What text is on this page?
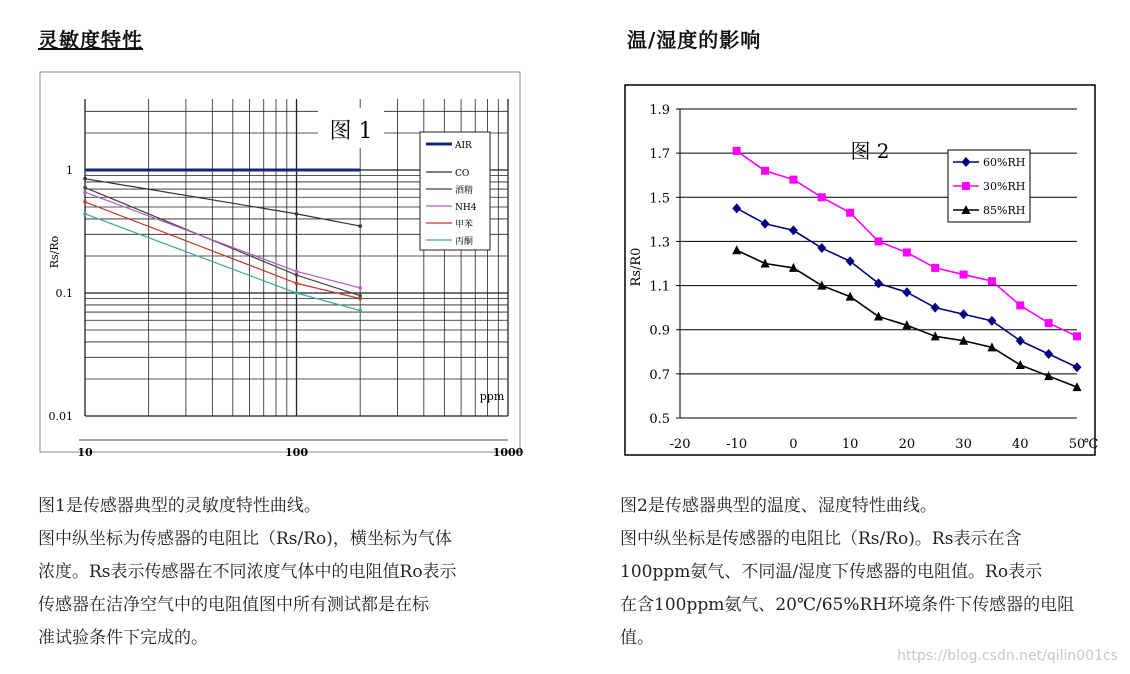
灵敏度特性	温/湿度的影响
1
0.1
0.01
10	100	1000
图 1
Rs/Ro
ppm
AIR
CO
酒精
NH4
甲苯
丙酮
0.5
0.7
0.9
1.1
1.3
1.5
1.7
1.9
-20	-10	0	10	20	30	40	50
℃
图 2
Rs/R0
60%RH
30%RH
85%RH

图1是传感器典型的灵敏度特性曲线。

图中纵坐标为传感器的电阻比（Rs/Ro)，横坐标为气体

浓度。Rs表示传感器在不同浓度气体中的电阻值Ro表示

传感器在洁净空气中的电阻值图中所有测试都是在标

准试验条件下完成的。

图2是传感器典型的温度、湿度特性曲线。

图中纵坐标是传感器的电阻比（Rs/Ro)。Rs表示在含

100ppm氨气、不同温/湿度下传感器的电阻值。Ro表示

在含100ppm氨气、20℃/65%RH环境条件下传感器的电阻

值。

https://blog.csdn.net/qilin001cs
